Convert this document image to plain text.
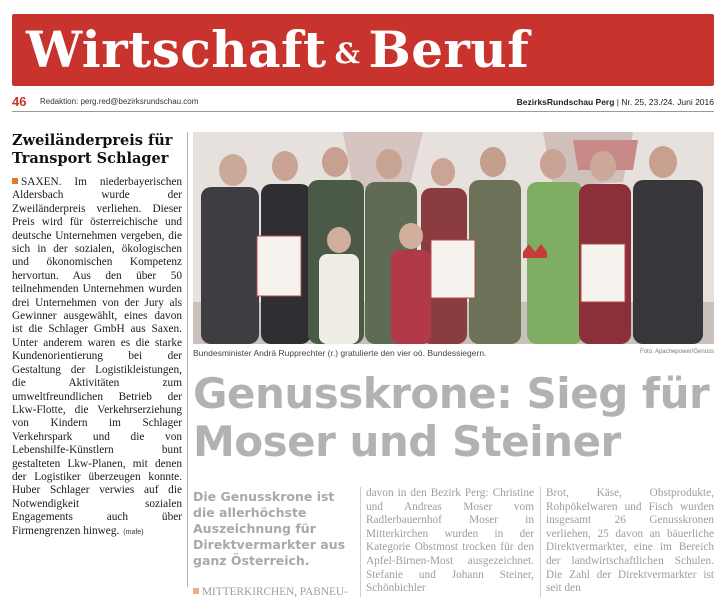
Wirtschaft & Beruf
46 Redaktion: perg.red@bezirksrundschau.com	BezirksRundschau Perg | Nr. 25, 23./24. Juni 2016
Zweiländerpreis für Transport Schlager

SAXEN. Im niederbayerischen Aldersbach wurde der Zweiländerpreis verliehen. Dieser Preis wird für österreichische und deutsche Unternehmen vergeben, die sich in der sozialen, ökologischen und ökonomischen Kompetenz hervortun. Aus den über 50 teilnehmenden Unternehmen wurden drei Unternehmen von der Jury als Gewinner ausgewählt, eines davon ist die Schlager GmbH aus Saxen. Unter anderem waren es die starke Kundenorientierung bei der Gestaltung der Logistikleistungen, die Aktivitäten zum umweltfreundlichen Betrieb der Lkw-Flotte, die Verkehrserziehung von Kindern im Schlager Verkehrspark und die von Lebenshilfe-Künstlern bunt gestalteten Lkw-Planen, mit denen der Logistiker überzeugen konnte. Huber Schlager verwies auf die Notwendigkeit sozialen Engagements auch über Firmengrenzen hinweg. (mafe)

Bundesminister Andrä Rupprechter (r.) gratulierte den vier oö. Bundessiegern.	Foto: Apachepower/Genuss
Genusskrone: Sieg für Moser und Steiner
Die Genusskrone ist die allerhöchste Auszeichnung für Direktvermarkter aus ganz Österreich.
MITTERKIRCHEN, PABNEU-
davon in den Bezirk Perg: Christine und Andreas Moser vom Radlerbauernhof Moser in Mitterkirchen wurden in der Kategorie Obstmost trocken für den Apfel-Birnen-Most ausgezeichnet. Stefanie und Johann Steiner, Schönbichler
Brot, Käse, Obstprodukte, Rohpökelwaren und Fisch wurden insgesamt 26 Genusskronen verliehen, 25 davon an bäuerliche Direktvermarkter, eine im Bereich der landwirtschaftlichen Schulen. Die Zahl der Direktvermarkter ist seit den
